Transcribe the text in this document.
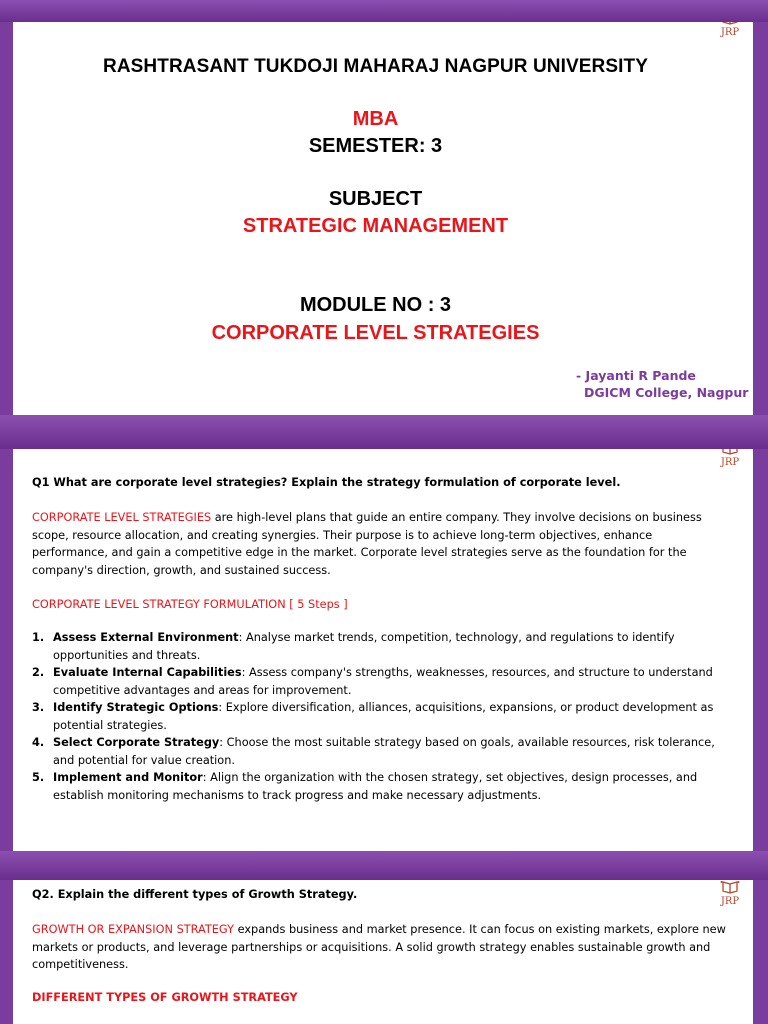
JRP
RASHTRASANT TUKDOJI MAHARAJ NAGPUR UNIVERSITY
MBA
SEMESTER: 3
SUBJECT
STRATEGIC MANAGEMENT
MODULE NO : 3
CORPORATE LEVEL STRATEGIES
- Jayanti R Pande
DGICM College, Nagpur
JRP
Q1 What are corporate level strategies? Explain the strategy formulation of corporate level.
CORPORATE LEVEL STRATEGIES are high-level plans that guide an entire company. They involve decisions on business scope, resource allocation, and creating synergies. Their purpose is to achieve long-term objectives, enhance performance, and gain a competitive edge in the market. Corporate level strategies serve as the foundation for the company's direction, growth, and sustained success.
CORPORATE LEVEL STRATEGY FORMULATION [ 5 Steps ]
1. Assess External Environment: Analyse market trends, competition, technology, and regulations to identify opportunities and threats.
2. Evaluate Internal Capabilities: Assess company's strengths, weaknesses, resources, and structure to understand competitive advantages and areas for improvement.
3. Identify Strategic Options: Explore diversification, alliances, acquisitions, expansions, or product development as potential strategies.
4. Select Corporate Strategy: Choose the most suitable strategy based on goals, available resources, risk tolerance, and potential for value creation.
5. Implement and Monitor: Align the organization with the chosen strategy, set objectives, design processes, and establish monitoring mechanisms to track progress and make necessary adjustments.
JRP
Q2. Explain the different types of Growth Strategy.
GROWTH OR EXPANSION STRATEGY expands business and market presence. It can focus on existing markets, explore new markets or products, and leverage partnerships or acquisitions. A solid growth strategy enables sustainable growth and competitiveness.
DIFFERENT TYPES OF GROWTH STRATEGY
